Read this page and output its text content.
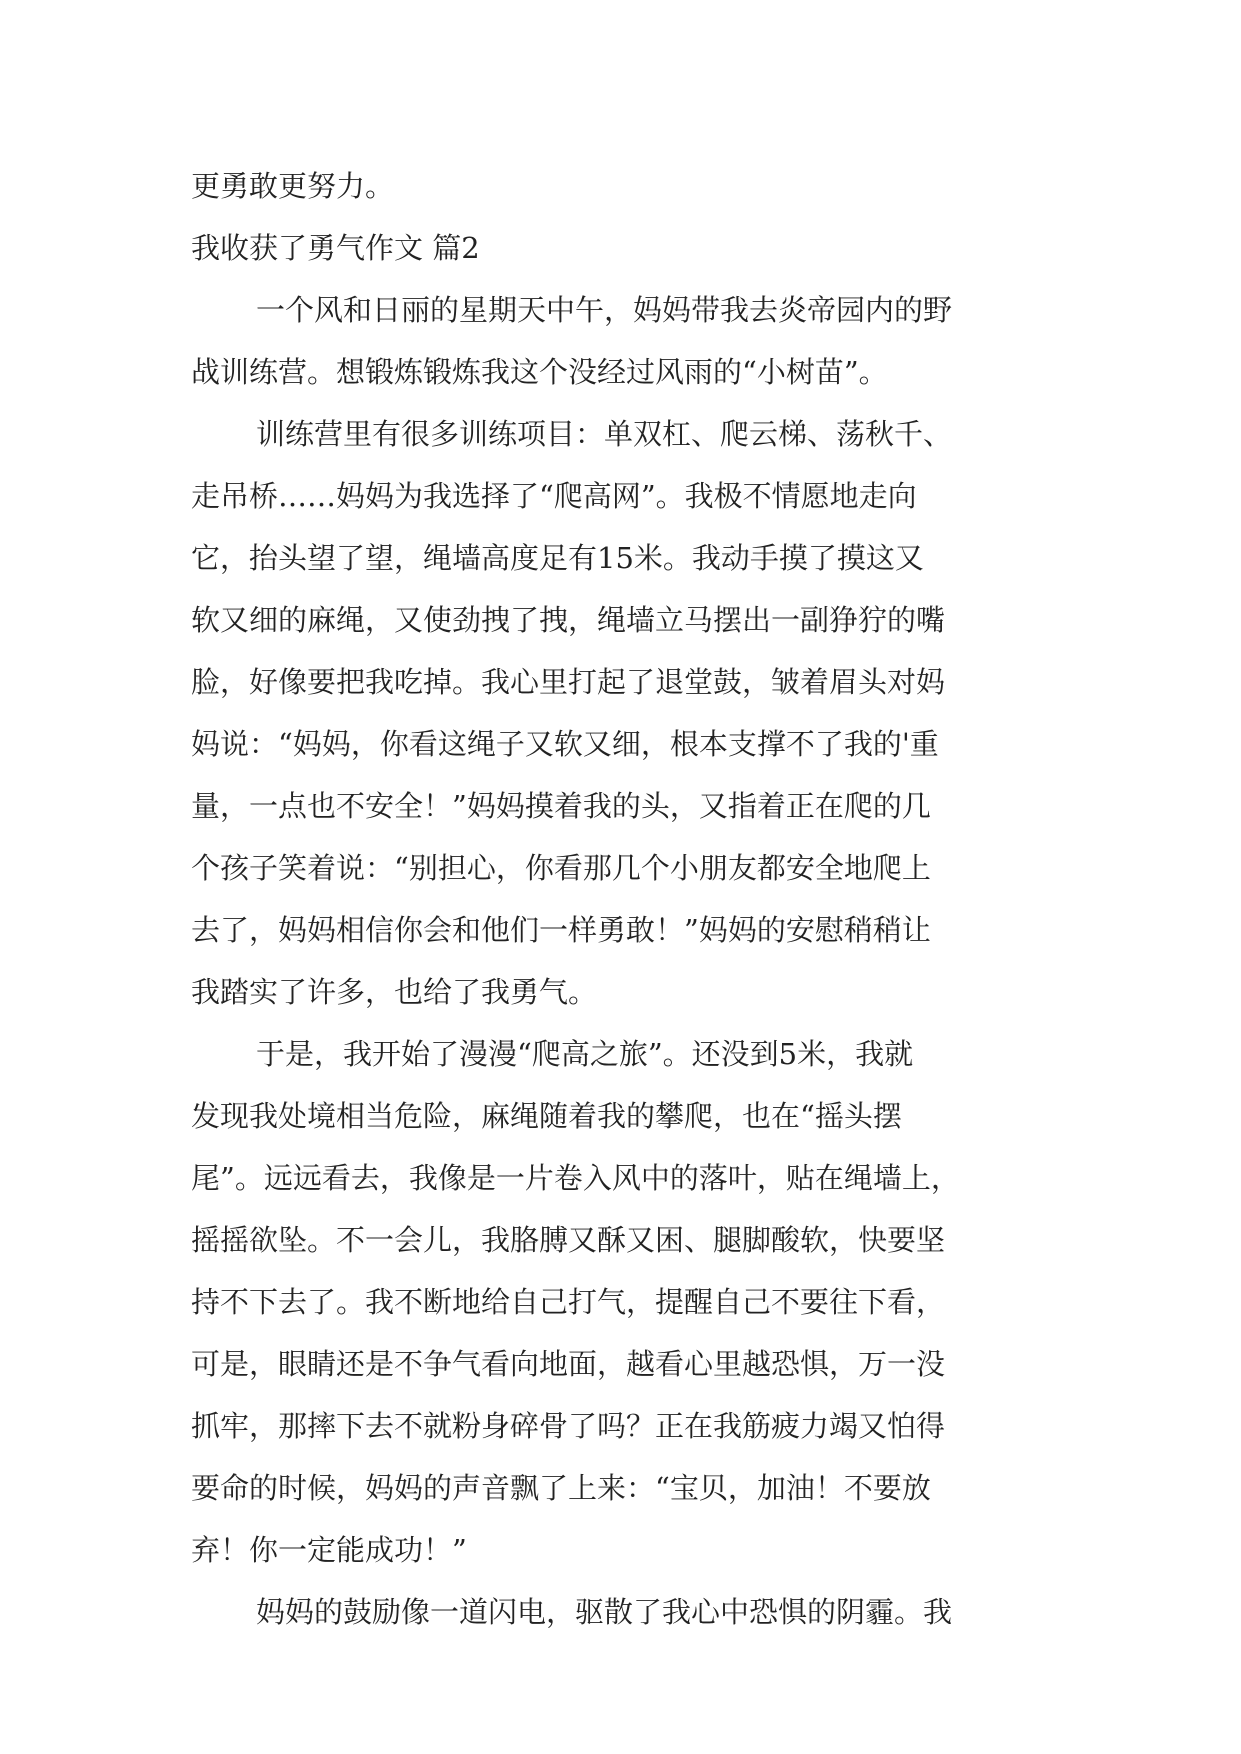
更勇敢更努力。
我收获了勇气作文 篇2
一个风和日丽的星期天中午，妈妈带我去炎帝园内的野
战训练营。想锻炼锻炼我这个没经过风雨的“小树苗”。
训练营里有很多训练项目：单双杠、爬云梯、荡秋千、
走吊桥……妈妈为我选择了“爬高网”。我极不情愿地走向
它，抬头望了望，绳墙高度足有15米。我动手摸了摸这又
软又细的麻绳，又使劲拽了拽，绳墙立马摆出一副狰狞的嘴
脸，好像要把我吃掉。我心里打起了退堂鼓，皱着眉头对妈
妈说：“妈妈，你看这绳子又软又细，根本支撑不了我的'重
量，一点也不安全！”妈妈摸着我的头，又指着正在爬的几
个孩子笑着说：“别担心，你看那几个小朋友都安全地爬上
去了，妈妈相信你会和他们一样勇敢！”妈妈的安慰稍稍让
我踏实了许多，也给了我勇气。
于是，我开始了漫漫“爬高之旅”。还没到5米，我就
发现我处境相当危险，麻绳随着我的攀爬，也在“摇头摆
尾”。远远看去，我像是一片卷入风中的落叶，贴在绳墙上，
摇摇欲坠。不一会儿，我胳膊又酥又困、腿脚酸软，快要坚
持不下去了。我不断地给自己打气，提醒自己不要往下看，
可是，眼睛还是不争气看向地面，越看心里越恐惧，万一没
抓牢，那摔下去不就粉身碎骨了吗？正在我筋疲力竭又怕得
要命的时候，妈妈的声音飘了上来：“宝贝，加油！不要放
弃！你一定能成功！”
妈妈的鼓励像一道闪电，驱散了我心中恐惧的阴霾。我
